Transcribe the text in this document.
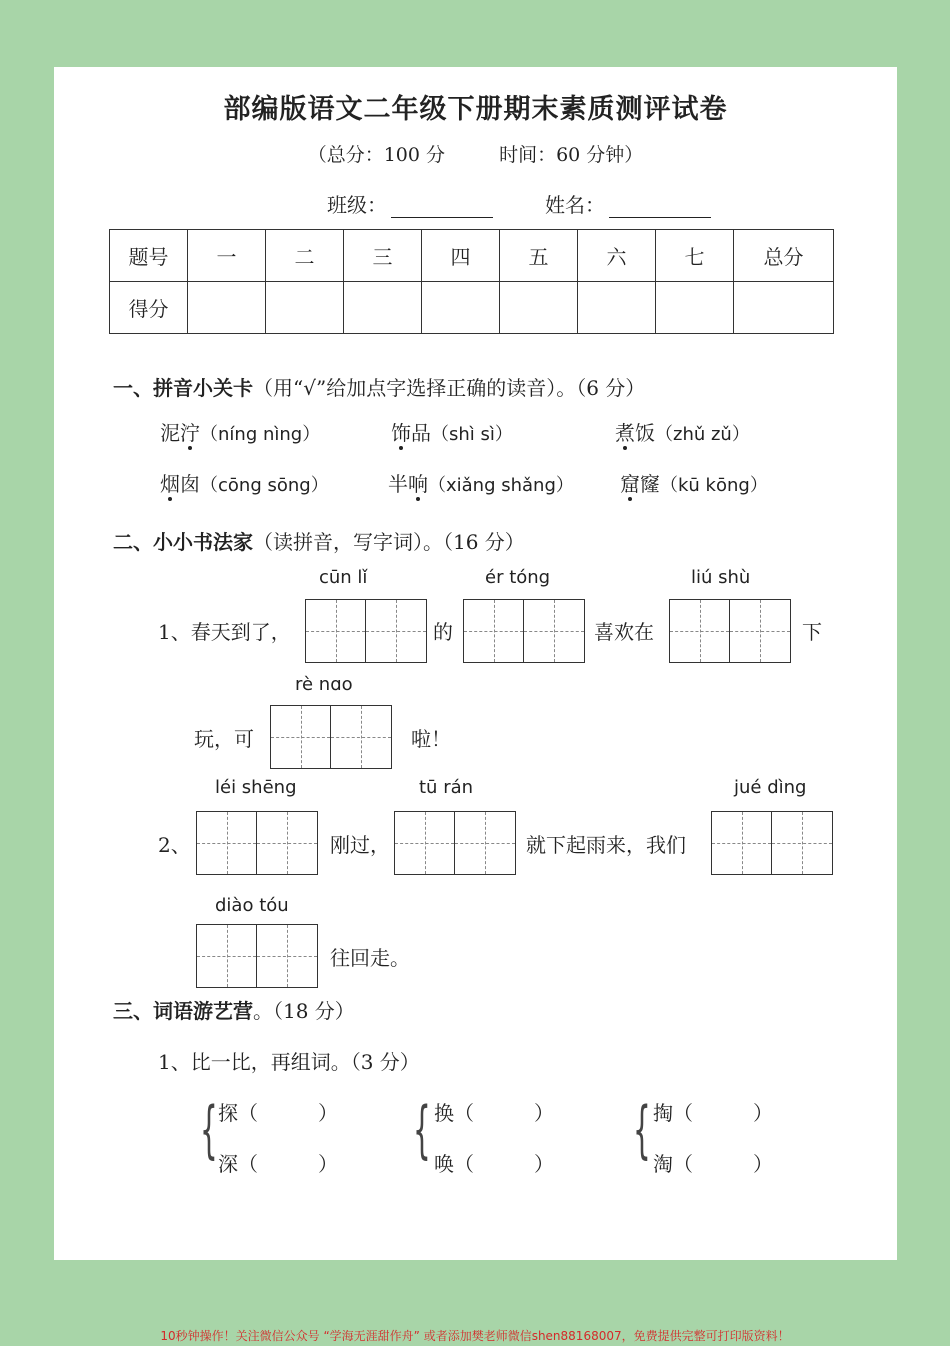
部编版语文二年级下册期末素质测评试卷
（总分：100 分	时间：60 分钟）
班级：	姓名：
题号	一	二	三	四	五	六	七	总分
得分								
一、拼音小关卡（用“√”给加点字选择正确的读音）。（6 分）
泥泞（níng nìng）	饰品（shì sì）	煮饭（zhǔ zǔ）
烟囱（cōng sōng）	半响（xiǎng shǎng） 窟窿（kū kōng）
二、小小书法家（读拼音，写字词）。（16 分）
cūn lǐ	ér tóng	liú shù
1、春天到了，	的	喜欢在	下
rè nɑo
玩，可	啦！
léi shēng	tū rán	jué dìng
2、	刚过，	就下起雨来，我们
diào tóu
往回走。
三、词语游艺营。（18 分）
1、比一比，再组词。（3 分）
{ 探（　　　）
深（　　　） { 换（　　　）
唤（　　　） { 掏（　　　）
淘（　　　）
10秒钟操作！关注微信公众号 “学海无涯甜作舟” 或者添加樊老师微信shen88168007，免费提供完整可打印版资料！
